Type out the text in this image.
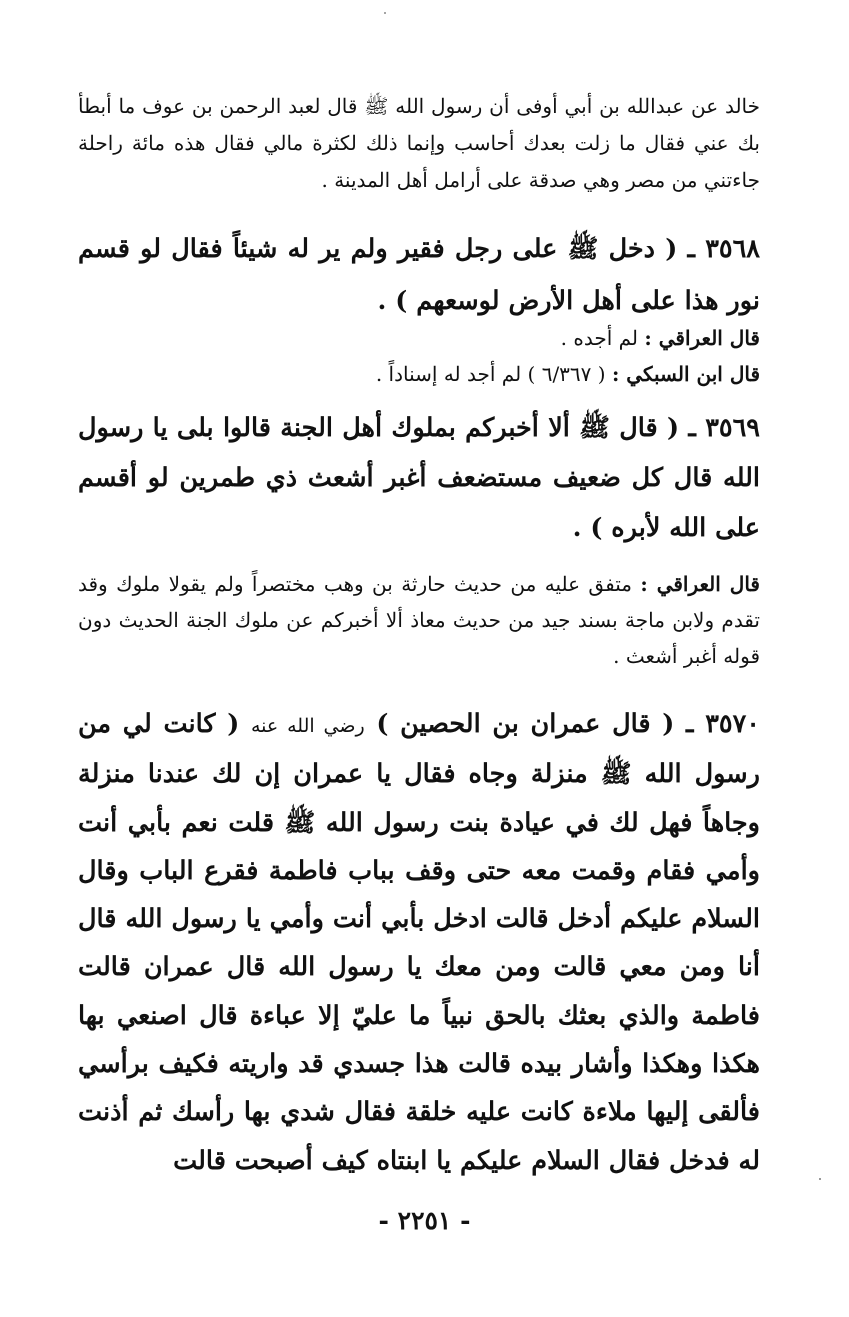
خالد عن عبدالله بن أبي أوفى أن رسول الله ﷺ قال لعبد الرحمن بن عوف ما أبطأ بك عني فقال ما زلت بعدك أحاسب وإنما ذلك لكثرة مالي فقال هذه مائة راحلة جاءتني من مصر وهي صدقة على أرامل أهل المدينة .
٣٥٦٨ ـ ( دخل ﷺ على رجل فقير ولم ير له شيئاً فقال لو قسم نور هذا على أهل الأرض لوسعهم ) .
قال العراقي : لم أجده .
قال ابن السبكي : ( ٦/٣٦٧ ) لم أجد له إسناداً .
٣٥٦٩ ـ ( قال ﷺ ألا أخبركم بملوك أهل الجنة قالوا بلى يا رسول الله قال كل ضعيف مستضعف أغبر أشعث ذي طمرين لو أقسم على الله لأبره ) .
قال العراقي : متفق عليه من حديث حارثة بن وهب مختصراً ولم يقولا ملوك وقد تقدم ولابن ماجة بسند جيد من حديث معاذ ألا أخبركم عن ملوك الجنة الحديث دون قوله أغبر أشعث .
٣٥٧٠ ـ ( قال عمران بن الحصين ) رضي الله عنه ( كانت لي من رسول الله ﷺ منزلة وجاه فقال يا عمران إن لك عندنا منزلة وجاهاً فهل لك في عيادة بنت رسول الله ﷺ قلت نعم بأبي أنت وأمي فقام وقمت معه حتى وقف بباب فاطمة فقرع الباب وقال السلام عليكم أدخل قالت ادخل بأبي أنت وأمي يا رسول الله قال أنا ومن معي قالت ومن معك يا رسول الله قال عمران قالت فاطمة والذي بعثك بالحق نبياً ما عليّ إلا عباءة قال اصنعي بها هكذا وهكذا وأشار بيده قالت هذا جسدي قد واريته فكيف برأسي فألقى إليها ملاءة كانت عليه خلقة فقال شدي بها رأسك ثم أذنت له فدخل فقال السلام عليكم يا ابنتاه كيف أصبحت قالت
- ٢٢٥١ -
